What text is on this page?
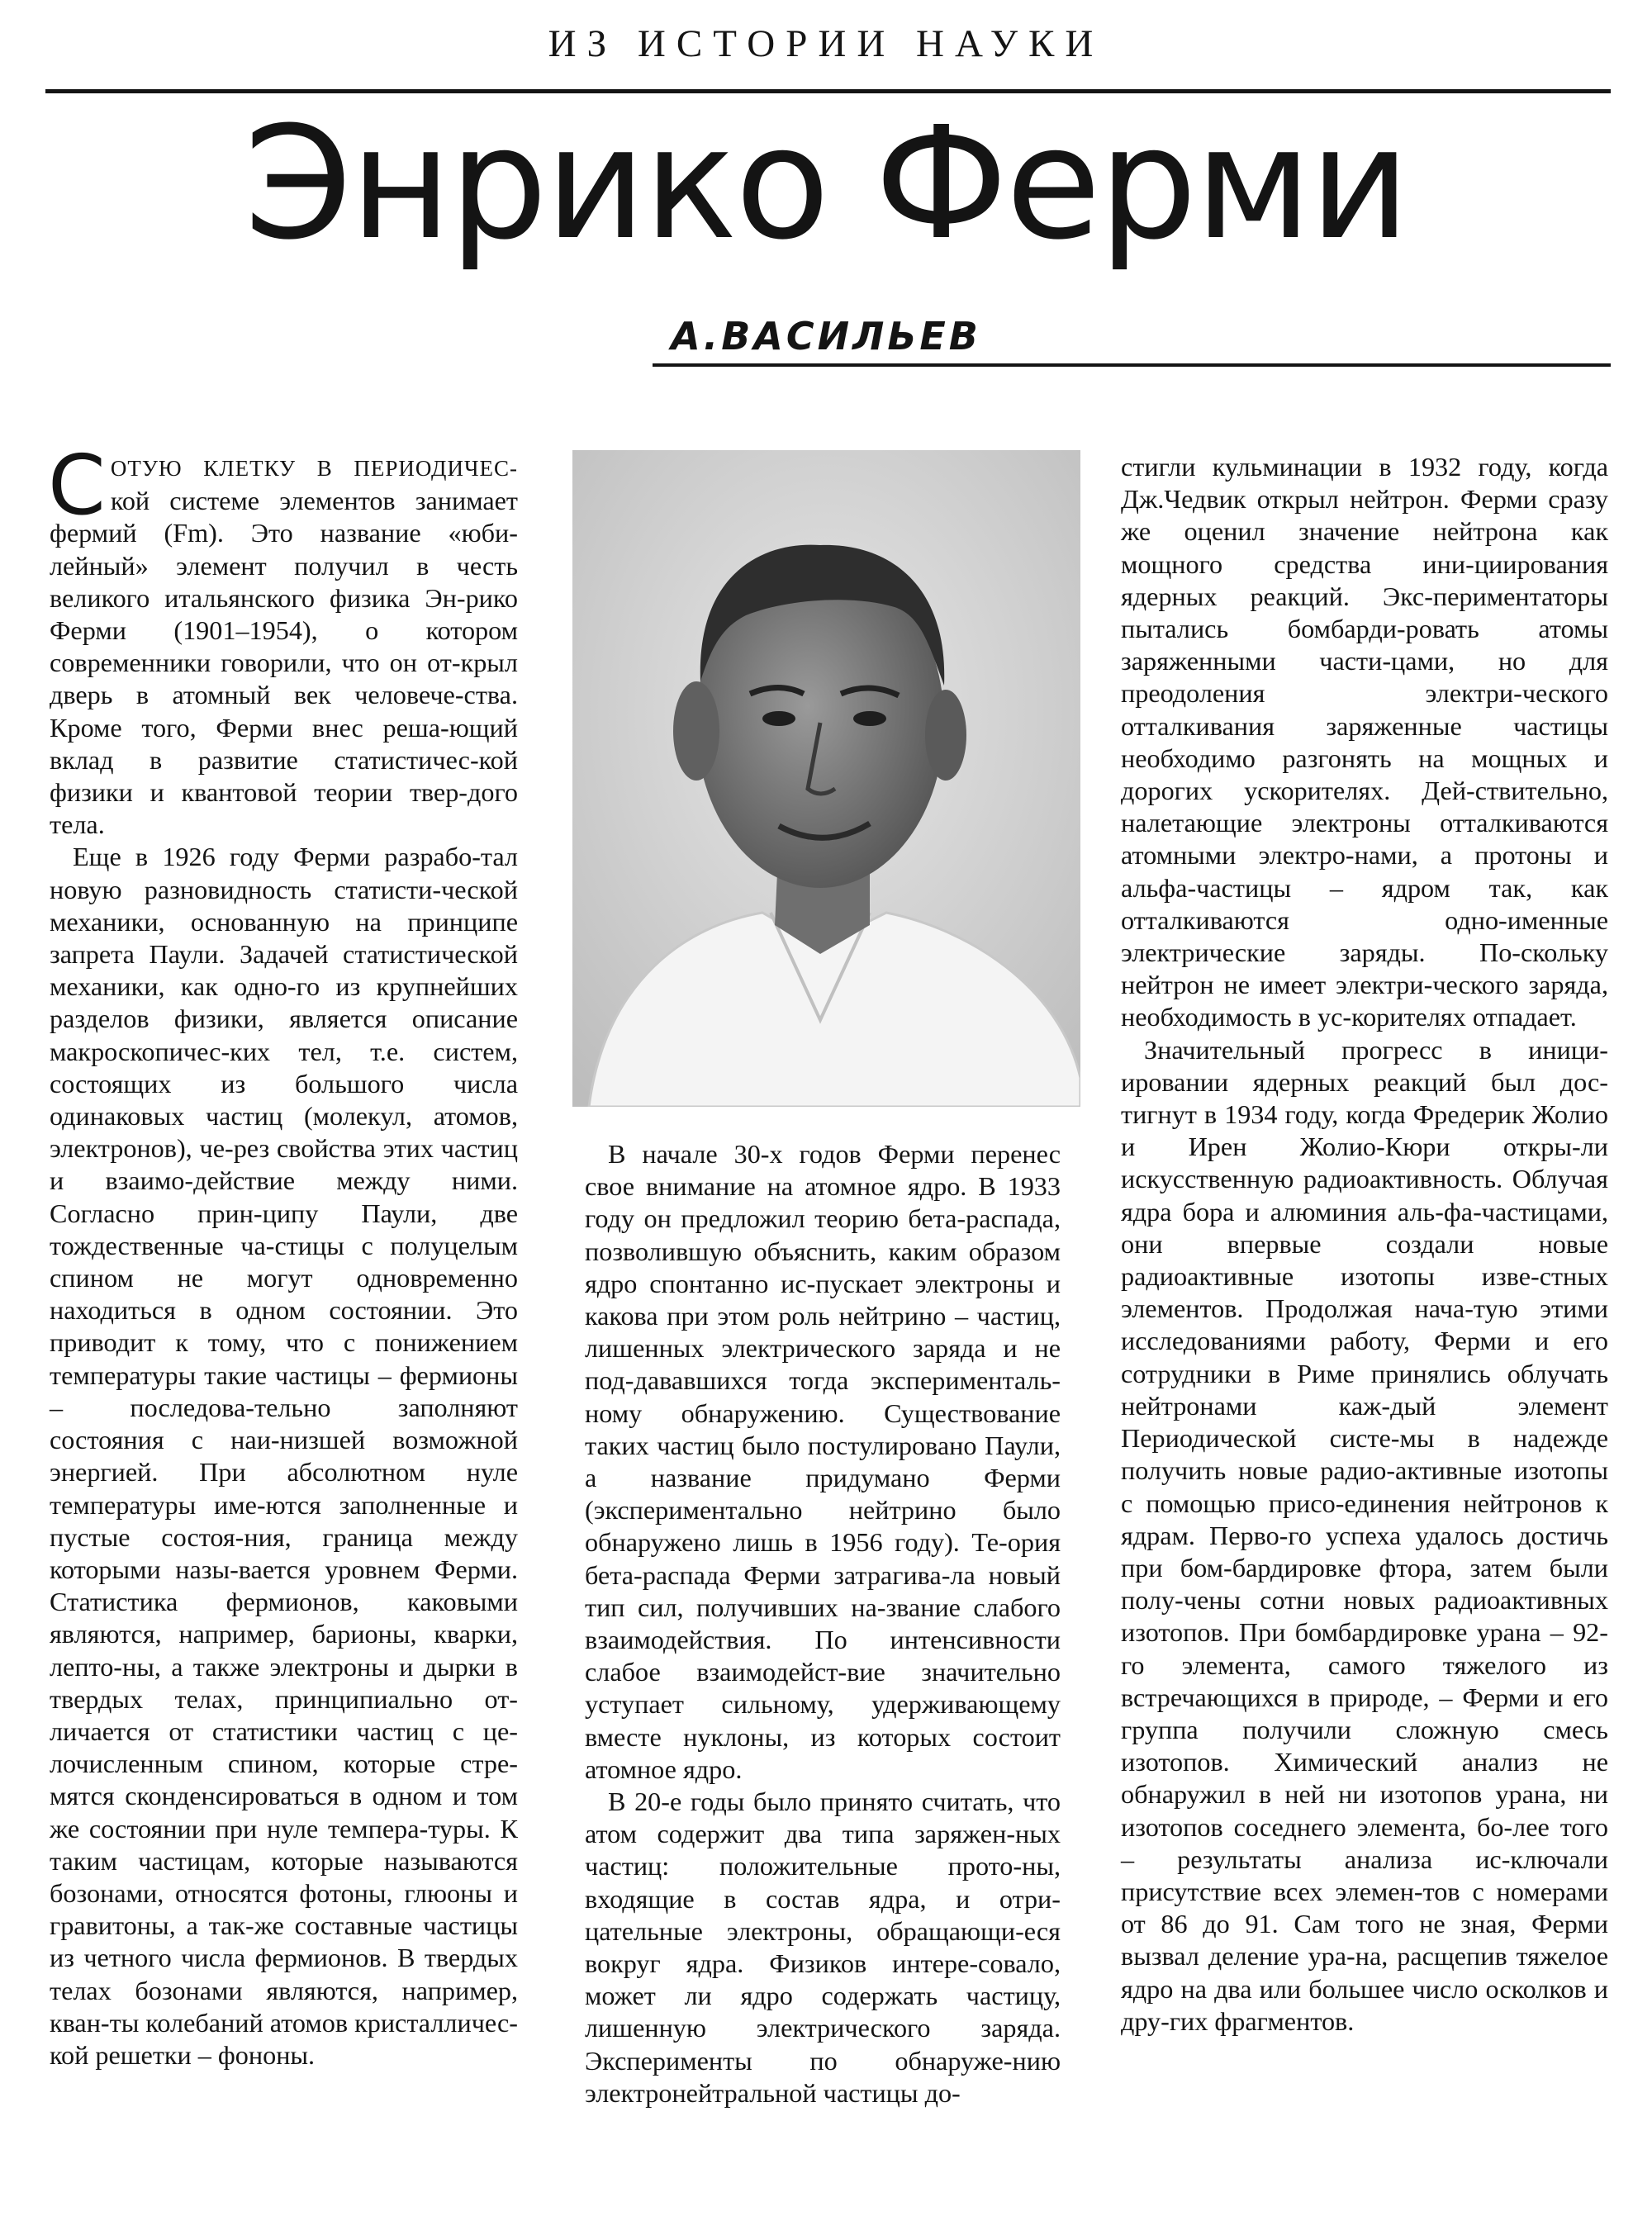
ИЗ ИСТОРИИ НАУКИ
Энрико Ферми
А.ВАСИЛЬЕВ

СОТУЮ КЛЕТКУ В ПЕРИОДИЧЕС- кой системе элементов занимает фермий (Fm). Это название «юби-лейный» элемент получил в честь великого итальянского физика Эн-рико Ферми (1901–1954), о котором современники говорили, что он от-крыл дверь в атомный век человече-ства. Кроме того, Ферми внес реша-ющий вклад в развитие статистичес-кой физики и квантовой теории твер-дого тела.

Еще в 1926 году Ферми разрабо-тал новую разновидность статисти-ческой механики, основанную на принципе запрета Паули. Задачей статистической механики, как одно-го из крупнейших разделов физики, является описание макроскопичес-ких тел, т.е. систем, состоящих из большого числа одинаковых частиц (молекул, атомов, электронов), че-рез свойства этих частиц и взаимо-действие между ними. Согласно прин-ципу Паули, две тождественные ча-стицы с полуцелым спином не могут одновременно находиться в одном состоянии. Это приводит к тому, что с понижением температуры такие частицы – фермионы – последова-тельно заполняют состояния с наи-низшей возможной энергией. При абсолютном нуле температуры име-ются заполненные и пустые состоя-ния, граница между которыми назы-вается уровнем Ферми. Статистика фермионов, каковыми являются, например, барионы, кварки, лепто-ны, а также электроны и дырки в твердых телах, принципиально от-личается от статистики частиц с це-лочисленным спином, которые стре-мятся сконденсироваться в одном и том же состоянии при нуле темпера-туры. К таким частицам, которые называются бозонами, относятся фотоны, глюоны и гравитоны, а так-же составные частицы из четного числа фермионов. В твердых телах бозонами являются, например, кван-ты колебаний атомов кристалличес-кой решетки – фононы.

В начале 30-х годов Ферми перенес свое внимание на атомное ядро. В 1933 году он предложил теорию бета-распада, позволившую объяснить, каким образом ядро спонтанно ис-пускает электроны и какова при этом роль нейтрино – частиц, лишенных электрического заряда и не под-дававшихся тогда эксперименталь-ному обнаружению. Существование таких частиц было постулировано Паули, а название придумано Ферми (экспериментально нейтрино было обнаружено лишь в 1956 году). Те-ория бета-распада Ферми затрагива-ла новый тип сил, получивших на-звание слабого взаимодействия. По интенсивности слабое взаимодейст-вие значительно уступает сильному, удерживающему вместе нуклоны, из которых состоит атомное ядро.

В 20-е годы было принято считать, что атом содержит два типа заряжен-ных частиц: положительные прото-ны, входящие в состав ядра, и отри-цательные электроны, обращающи-еся вокруг ядра. Физиков интере-совало, может ли ядро содержать частицу, лишенную электрического заряда. Эксперименты по обнаруже-нию электронейтральной частицы до-

стигли кульминации в 1932 году, когда Дж.Чедвик открыл нейтрон. Ферми сразу же оценил значение нейтрона как мощного средства ини-циирования ядерных реакций. Экс-периментаторы пытались бомбарди-ровать атомы заряженными части-цами, но для преодоления электри-ческого отталкивания заряженные частицы необходимо разгонять на мощных и дорогих ускорителях. Дей-ствительно, налетающие электроны отталкиваются атомными электро-нами, а протоны и альфа-частицы – ядром так, как отталкиваются одно-именные электрические заряды. По-скольку нейтрон не имеет электри-ческого заряда, необходимость в ус-корителях отпадает.

Значительный прогресс в иници-ировании ядерных реакций был дос-тигнут в 1934 году, когда Фредерик Жолио и Ирен Жолио-Кюри откры-ли искусственную радиоактивность. Облучая ядра бора и алюминия аль-фа-частицами, они впервые создали новые радиоактивные изотопы изве-стных элементов. Продолжая нача-тую этими исследованиями работу, Ферми и его сотрудники в Риме принялись облучать нейтронами каж-дый элемент Периодической систе-мы в надежде получить новые радио-активные изотопы с помощью присо-единения нейтронов к ядрам. Перво-го успеха удалось достичь при бом-бардировке фтора, затем были полу-чены сотни новых радиоактивных изотопов. При бомбардировке урана – 92-го элемента, самого тяжелого из встречающихся в природе, – Ферми и его группа получили сложную смесь изотопов. Химический анализ не обнаружил в ней ни изотопов урана, ни изотопов соседнего элемента, бо-лее того – результаты анализа ис-ключали присутствие всех элемен-тов с номерами от 86 до 91. Сам того не зная, Ферми вызвал деление ура-на, расщепив тяжелое ядро на два или большее число осколков и дру-гих фрагментов.
